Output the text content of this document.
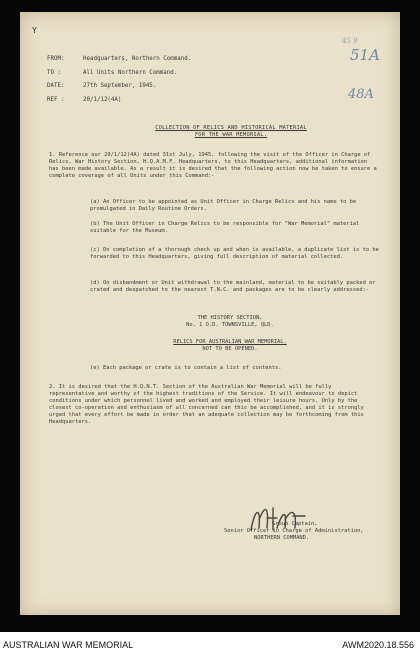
Y
45 9
51A
48A
FROM:	Headquarters, Northern Command.
TO :	All Units Northern Command.
DATE:	27th September, 1945.
REF :	20/1/12(4A)
COLLECTION OF RELICS AND HISTORICAL MATERIAL
FOR THE WAR MEMORIAL.
1. Reference our 20/1/12(4A) dated 31st July, 1945, following the visit of the Officer in Charge of Relics, War History Section, H.Q.A.M.F. Headquarters, to this Headquarters, additional information has been made available. As a result it is desired that the following action now be taken to ensure a complete coverage of all Units under this Command:-
(a) An Officer to be appointed as Unit Officer in Charge Relics and his name to be promulgated in Daily Routine Orders.
(b) The Unit Officer in Charge Relics to be responsible for "War Memorial" material suitable for the Museum.
(c) On completion of a thorough check up and when is available, a duplicate list is to be forwarded to this Headquarters, giving full description of material collected.
(d) On disbandment or Unit withdrawal to the mainland, material to be suitably packed or crated and despatched to the nearest T.N.C. and packages are to be clearly addressed:-
THE HISTORY SECTION,
No. 1 O.D. TOWNSVILLE, QLD.
RELICS FOR AUSTRALIAN WAR MEMORIAL.
NOT TO BE OPENED.
(e) Each package or crate is to contain a list of contents.
2. It is desired that the H.Q.N.T. Section of the Australian War Memorial will be fully representative and worthy of the highest traditions of the Service. It will endeavour to depict conditions under which personnel lived and worked and employed their leisure hours. Only by the closest co-operation and enthusiasm of all concerned can this be accomplished, and it is strongly urged that every effort be made in order that an adequate collection may be forthcoming from this Headquarters.
Group Captain,
Senior Officer in Charge of Administration,
NORTHERN COMMAND.
AUSTRALIAN WAR MEMORIAL	AWM2020.18.556
